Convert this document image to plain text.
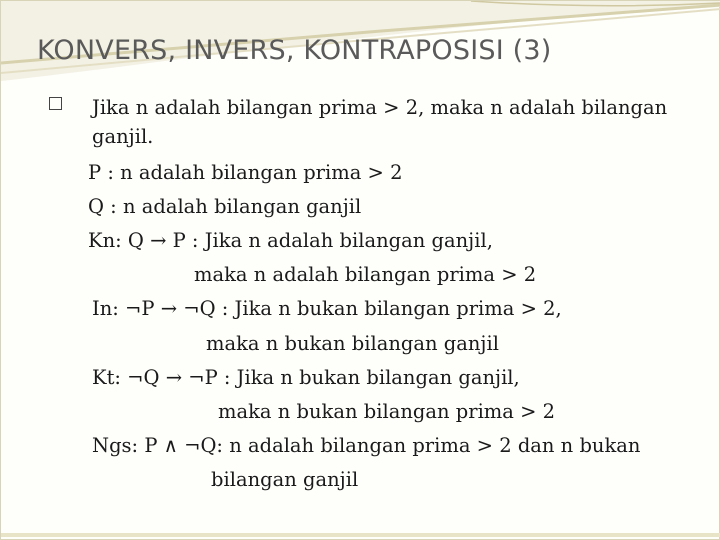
KONVERS, INVERS, KONTRAPOSISI (3)
Jika n adalah bilangan prima > 2, maka n adalah bilangan
ganjil.
P : n adalah bilangan prima > 2
Q : n adalah bilangan ganjil
Kn: Q → P : Jika n adalah bilangan ganjil,
maka n adalah bilangan prima > 2
In: ¬P → ¬Q : Jika n bukan bilangan prima > 2,
maka n bukan bilangan ganjil
Kt: ¬Q → ¬P : Jika n bukan bilangan ganjil,
maka n bukan bilangan prima > 2
Ngs: P ∧ ¬Q: n adalah bilangan prima > 2 dan n bukan
bilangan ganjil
